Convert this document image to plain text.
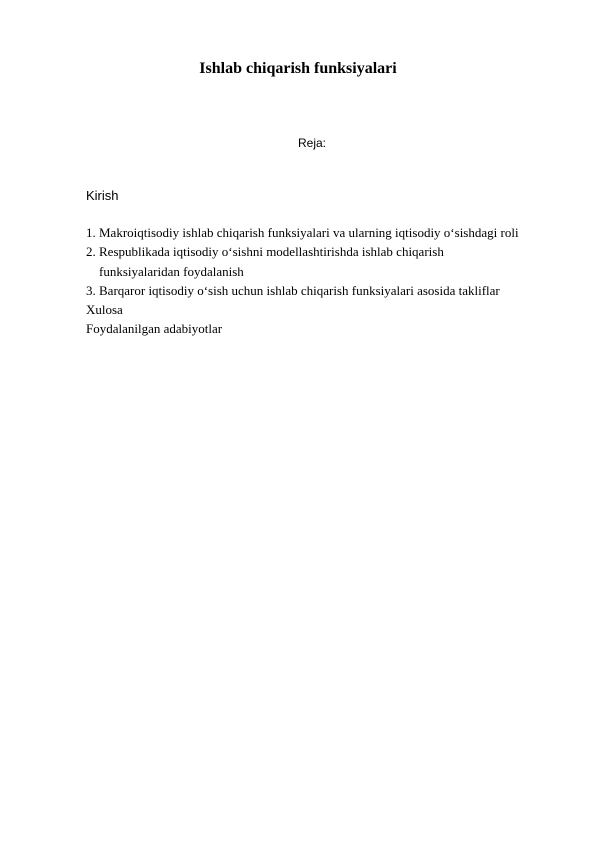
Ishlab chiqarish funksiyalari

Reja:

Kirish

1. Makroiqtisodiy ishlab chiqarish funksiyalari va ularning iqtisodiy o‘sishdagi roli
2. Respublikada iqtisodiy o‘sishni modellashtirishda ishlab chiqarish
funksiyalaridan foydalanish
3. Barqaror iqtisodiy o‘sish uchun ishlab chiqarish funksiyalari asosida takliflar
Xulosa
Foydalanilgan adabiyotlar
